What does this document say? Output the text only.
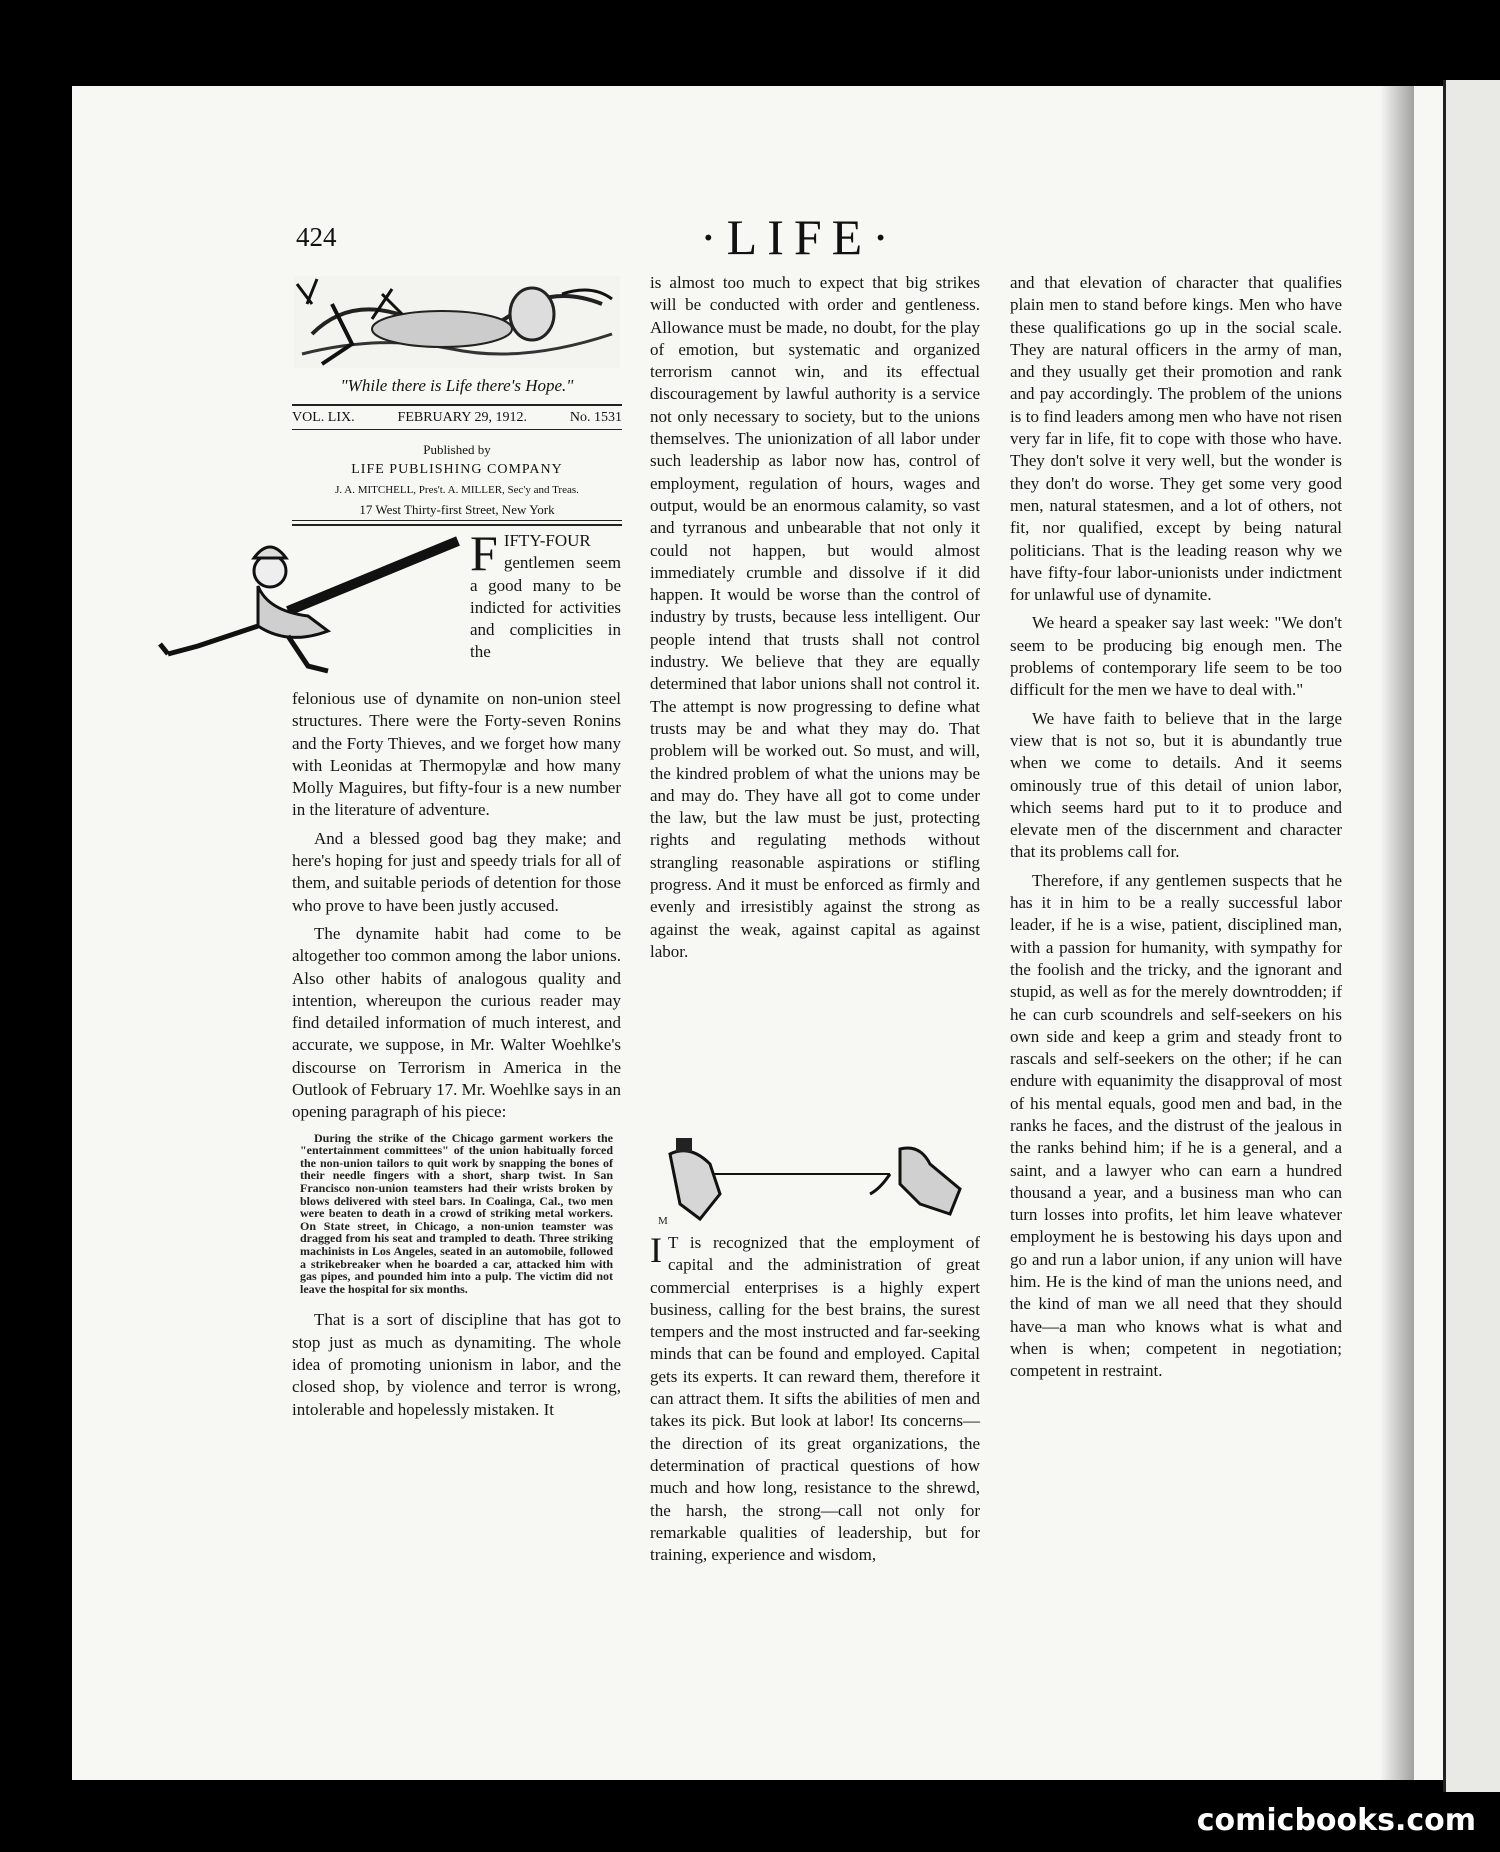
424	·LIFE·
"While there is Life there's Hope."
VOL. LIX.	FEBRUARY 29, 1912.	No. 1531
Published by
LIFE PUBLISHING COMPANY
J. A. MITCHELL, Pres't. A. MILLER, Sec'y and Treas.
17 West Thirty-first Street, New York

FIFTY-FOUR gentlemen seem a good many to be indicted for activities and complicities in the

felonious use of dynamite on non-union steel structures. There were the Forty-seven Ronins and the Forty Thieves, and we forget how many with Leonidas at Thermopylæ and how many Molly Maguires, but fifty-four is a new number in the literature of adventure.

And a blessed good bag they make; and here's hoping for just and speedy trials for all of them, and suitable periods of detention for those who prove to have been justly accused.

The dynamite habit had come to be altogether too common among the labor unions. Also other habits of analogous quality and intention, whereupon the curious reader may find detailed information of much interest, and accurate, we suppose, in Mr. Walter Woehlke's discourse on Terrorism in America in the Outlook of February 17. Mr. Woehlke says in an opening paragraph of his piece:

During the strike of the Chicago garment workers the "entertainment committees" of the union habitually forced the non-union tailors to quit work by snapping the bones of their needle fingers with a short, sharp twist. In San Francisco non-union teamsters had their wrists broken by blows delivered with steel bars. In Coalinga, Cal., two men were beaten to death in a crowd of striking metal workers. On State street, in Chicago, a non-union teamster was dragged from his seat and trampled to death. Three striking machinists in Los Angeles, seated in an automobile, followed a strikebreaker when he boarded a car, attacked him with gas pipes, and pounded him into a pulp. The victim did not leave the hospital for six months.

That is a sort of discipline that has got to stop just as much as dynamiting. The whole idea of promoting unionism in labor, and the closed shop, by violence and terror is wrong, intolerable and hopelessly mistaken. It

is almost too much to expect that big strikes will be conducted with order and gentleness. Allowance must be made, no doubt, for the play of emotion, but systematic and organized terrorism cannot win, and its effectual discouragement by lawful authority is a service not only necessary to society, but to the unions themselves. The unionization of all labor under such leadership as labor now has, control of employment, regulation of hours, wages and output, would be an enormous calamity, so vast and tyrranous and unbearable that not only it could not happen, but would almost immediately crumble and dissolve if it did happen. It would be worse than the control of industry by trusts, because less intelligent. Our people intend that trusts shall not control industry. We believe that they are equally determined that labor unions shall not control it. The attempt is now progressing to define what trusts may be and what they may do. That problem will be worked out. So must, and will, the kindred problem of what the unions may be and may do. They have all got to come under the law, but the law must be just, protecting rights and regulating methods without strangling reasonable aspirations or stifling progress. And it must be enforced as firmly and evenly and irresistibly against the strong as against the weak, against capital as against labor.

M

I T is recognized that the employment of capital and the administration of great commercial enterprises is a highly expert business, calling for the best brains, the surest tempers and the most instructed and far-seeking minds that can be found and employed. Capital gets its experts. It can reward them, therefore it can attract them. It sifts the abilities of men and takes its pick. But look at labor! Its concerns—the direction of its great organizations, the determination of practical questions of how much and how long, resistance to the shrewd, the harsh, the strong—call not only for remarkable qualities of leadership, but for training, experience and wisdom,

and that elevation of character that qualifies plain men to stand before kings. Men who have these qualifications go up in the social scale. They are natural officers in the army of man, and they usually get their promotion and rank and pay accordingly. The problem of the unions is to find leaders among men who have not risen very far in life, fit to cope with those who have. They don't solve it very well, but the wonder is they don't do worse. They get some very good men, natural statesmen, and a lot of others, not fit, nor qualified, except by being natural politicians. That is the leading reason why we have fifty-four labor-unionists under indictment for unlawful use of dynamite.

We heard a speaker say last week: "We don't seem to be producing big enough men. The problems of contemporary life seem to be too difficult for the men we have to deal with."

We have faith to believe that in the large view that is not so, but it is abundantly true when we come to details. And it seems ominously true of this detail of union labor, which seems hard put to it to produce and elevate men of the discernment and character that its problems call for.

Therefore, if any gentlemen suspects that he has it in him to be a really successful labor leader, if he is a wise, patient, disciplined man, with a passion for humanity, with sympathy for the foolish and the tricky, and the ignorant and stupid, as well as for the merely downtrodden; if he can curb scoundrels and self-seekers on his own side and keep a grim and steady front to rascals and self-seekers on the other; if he can endure with equanimity the disapproval of most of his mental equals, good men and bad, in the ranks he faces, and the distrust of the jealous in the ranks behind him; if he is a general, and a saint, and a lawyer who can earn a hundred thousand a year, and a business man who can turn losses into profits, let him leave whatever employment he is bestowing his days upon and go and run a labor union, if any union will have him. He is the kind of man the unions need, and the kind of man we all need that they should have—a man who knows what is what and when is when; competent in negotiation; competent in restraint.

comicbooks.com
